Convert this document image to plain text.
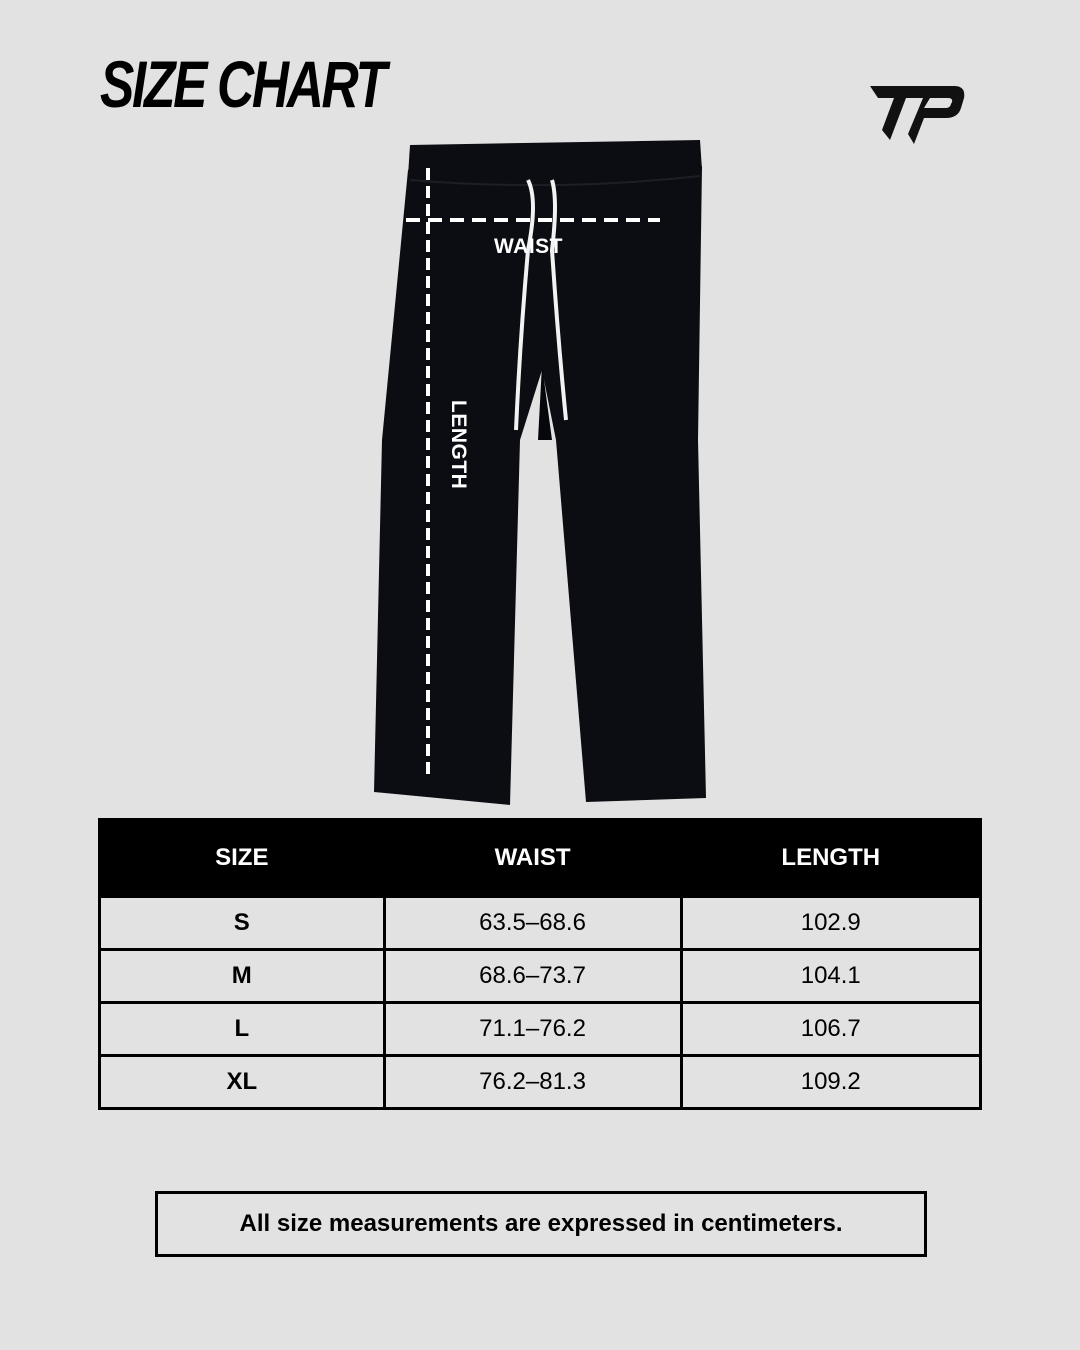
SIZE CHART
WAIST
LENGTH
SIZE	WAIST	LENGTH
S	63.5–68.6	102.9
M	68.6–73.7	104.1
L	71.1–76.2	106.7
XL	76.2–81.3	109.2
All size measurements are expressed in centimeters.
